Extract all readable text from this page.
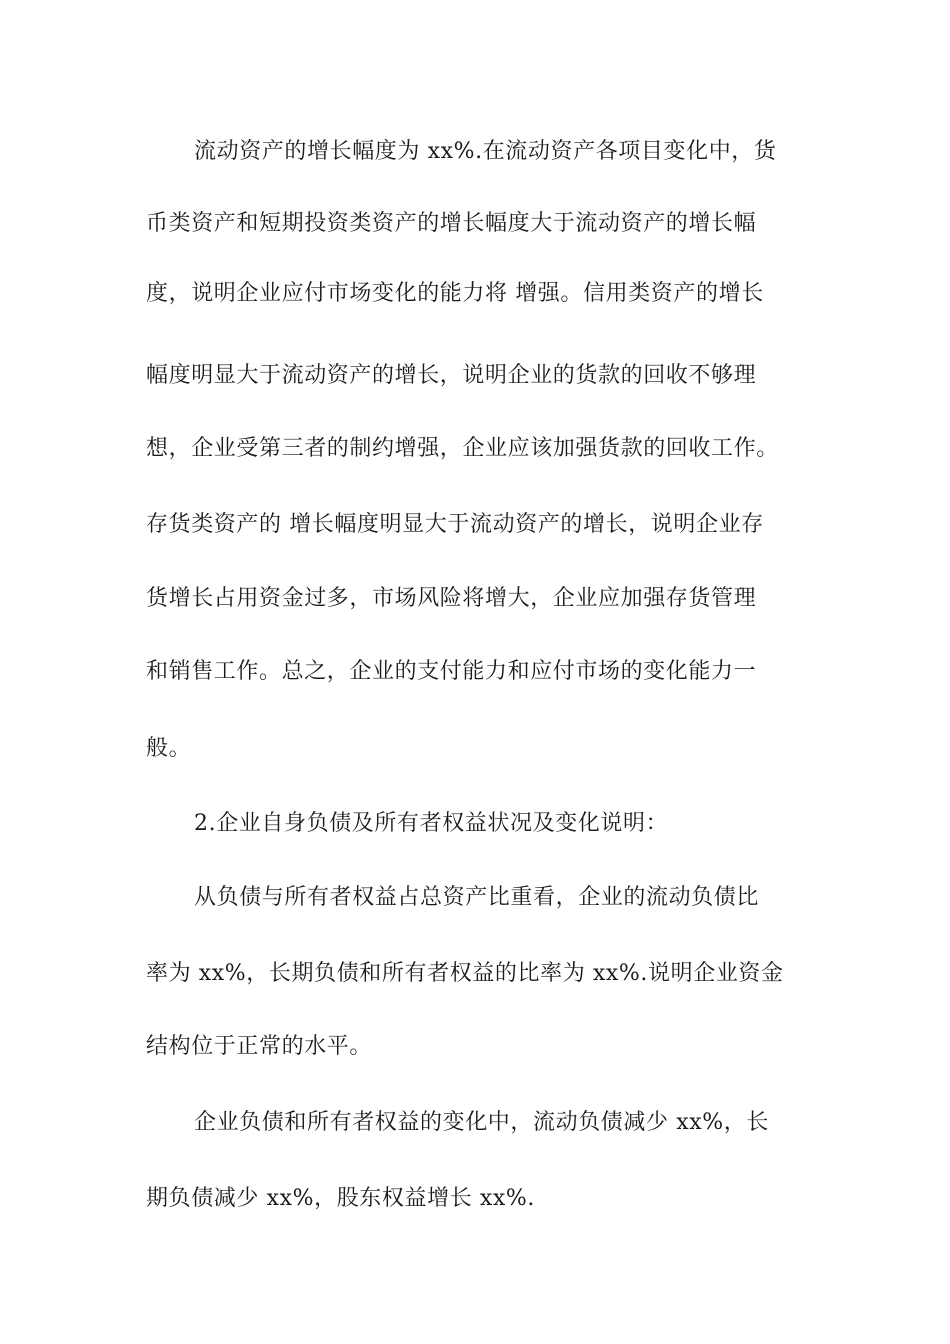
流动资产的增长幅度为 xx%.在流动资产各项目变化中，货
币类资产和短期投资类资产的增长幅度大于流动资产的增长幅
度，说明企业应付市场变化的能力将 增强。信用类资产的增长
幅度明显大于流动资产的增长，说明企业的货款的回收不够理
想，企业受第三者的制约增强，企业应该加强货款的回收工作。
存货类资产的 增长幅度明显大于流动资产的增长，说明企业存
货增长占用资金过多，市场风险将增大，企业应加强存货管理
和销售工作。总之，企业的支付能力和应付市场的变化能力一
般。
2.企业自身负债及所有者权益状况及变化说明：
从负债与所有者权益占总资产比重看，企业的流动负债比
率为 xx%，长期负债和所有者权益的比率为 xx%.说明企业资金
结构位于正常的水平。
企业负债和所有者权益的变化中，流动负债减少 xx%，长
期负债减少 xx%，股东权益增长 xx%.
